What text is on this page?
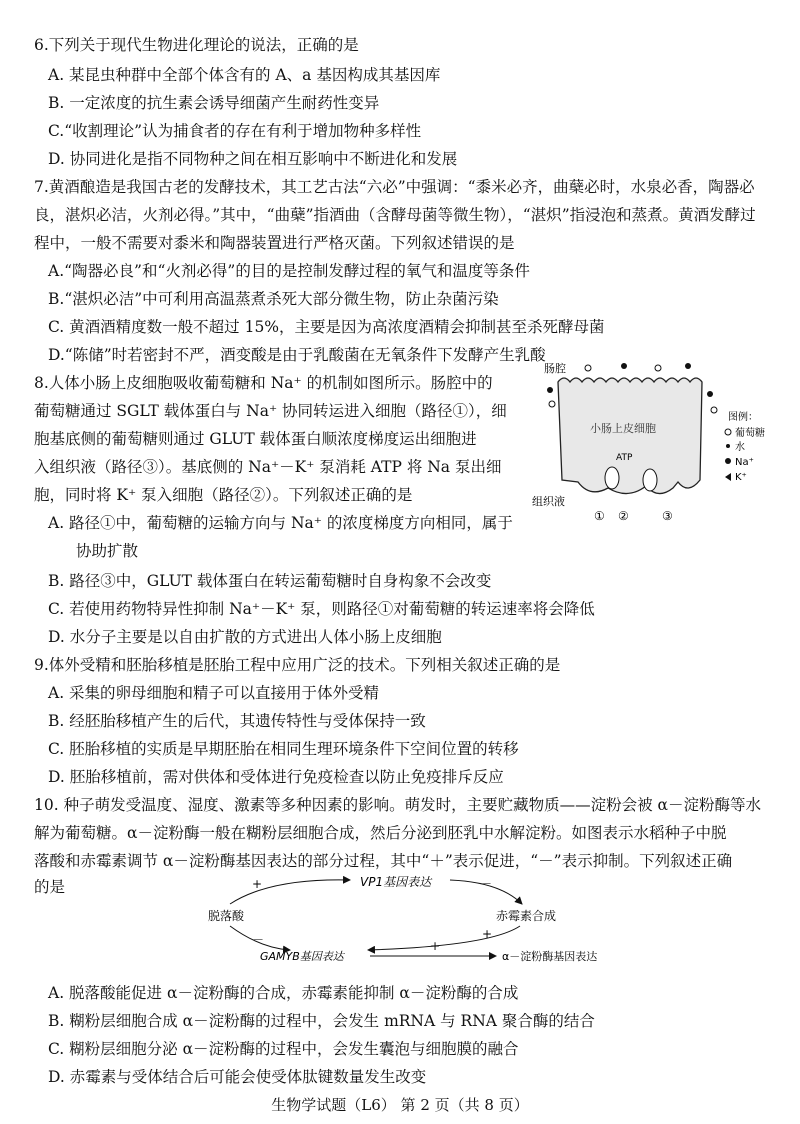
6.下列关于现代生物进化理论的说法，正确的是
A. 某昆虫种群中全部个体含有的 A、a 基因构成其基因库
B. 一定浓度的抗生素会诱导细菌产生耐药性变异
C.“收割理论”认为捕食者的存在有利于增加物种多样性
D. 协同进化是指不同物种之间在相互影响中不断进化和发展
7.黄酒酿造是我国古老的发酵技术，其工艺古法“六必”中强调：“黍米必齐，曲蘖必时，水泉必香，陶器必
良，湛炽必洁，火剂必得。”其中，“曲蘖”指酒曲（含酵母菌等微生物），“湛炽”指浸泡和蒸煮。黄酒发酵过
程中，一般不需要对黍米和陶器装置进行严格灭菌。下列叙述错误的是
A.“陶器必良”和“火剂必得”的目的是控制发酵过程的氧气和温度等条件
B.“湛炽必洁”中可利用高温蒸煮杀死大部分微生物，防止杂菌污染
C. 黄酒酒精度数一般不超过 15%，主要是因为高浓度酒精会抑制甚至杀死酵母菌
D.“陈储”时若密封不严，酒变酸是由于乳酸菌在无氧条件下发酵产生乳酸
8.人体小肠上皮细胞吸收葡萄糖和 Na⁺ 的机制如图所示。肠腔中的
葡萄糖通过 SGLT 载体蛋白与 Na⁺ 协同转运进入细胞（路径①），细
胞基底侧的葡萄糖则通过 GLUT 载体蛋白顺浓度梯度运出细胞进
入组织液（路径③）。基底侧的 Na⁺－K⁺ 泵消耗 ATP 将 Na 泵出细
胞，同时将 K⁺ 泵入细胞（路径②）。下列叙述正确的是
A. 路径①中，葡萄糖的运输方向与 Na⁺ 的浓度梯度方向相同，属于
协助扩散
B. 路径③中，GLUT 载体蛋白在转运葡萄糖时自身构象不会改变
C. 若使用药物特异性抑制 Na⁺－K⁺ 泵，则路径①对葡萄糖的转运速率将会降低
D. 水分子主要是以自由扩散的方式进出人体小肠上皮细胞
肠腔
小肠上皮细胞
ATP
组织液
① ②	③
图例：
葡萄糖
水
Na⁺
K⁺
9.体外受精和胚胎移植是胚胎工程中应用广泛的技术。下列相关叙述正确的是
A. 采集的卵母细胞和精子可以直接用于体外受精
B. 经胚胎移植产生的后代，其遗传特性与受体保持一致
C. 胚胎移植的实质是早期胚胎在相同生理环境条件下空间位置的转移
D. 胚胎移植前，需对供体和受体进行免疫检查以防止免疫排斥反应
10. 种子萌发受温度、湿度、激素等多种因素的影响。萌发时，主要贮藏物质——淀粉会被 α－淀粉酶等水
解为葡萄糖。α－淀粉酶一般在糊粉层细胞合成，然后分泌到胚乳中水解淀粉。如图表示水稻种子中脱
落酸和赤霉素调节 α－淀粉酶基因表达的部分过程，其中“＋”表示促进，“－”表示抑制。下列叙述正确
的是	VP1基因表达
脱落酸	赤霉素合成
GAMYB基因表达	α－淀粉酶基因表达
+	－
－	+
+
A. 脱落酸能促进 α－淀粉酶的合成，赤霉素能抑制 α－淀粉酶的合成
B. 糊粉层细胞合成 α－淀粉酶的过程中，会发生 mRNA 与 RNA 聚合酶的结合
C. 糊粉层细胞分泌 α－淀粉酶的过程中，会发生囊泡与细胞膜的融合
D. 赤霉素与受体结合后可能会使受体肽键数量发生改变
生物学试题（L6） 第 2 页（共 8 页）
